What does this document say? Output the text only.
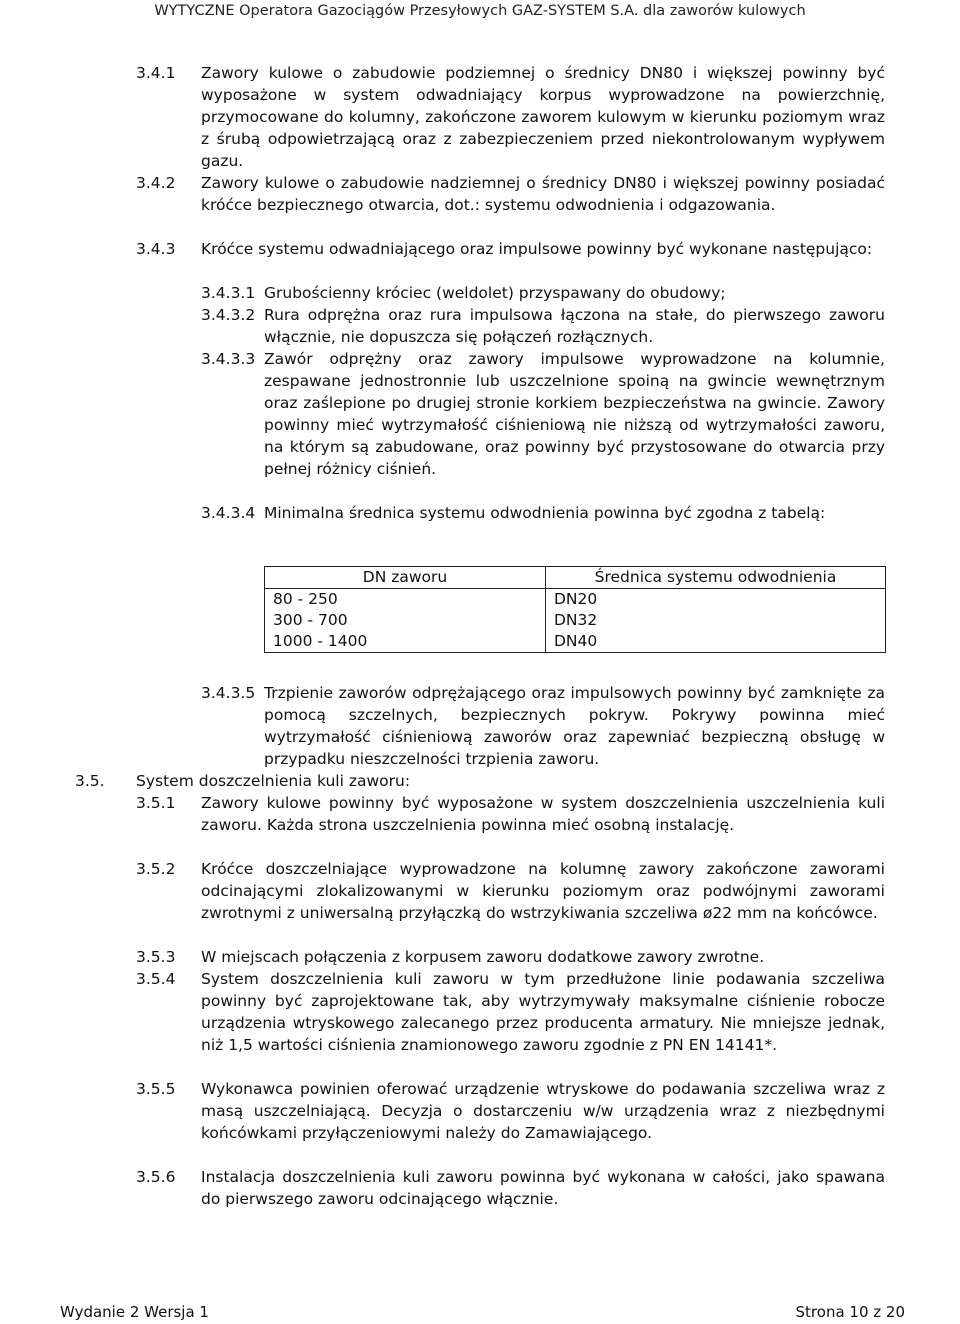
WYTYCZNE Operatora Gazociągów Przesyłowych GAZ-SYSTEM S.A. dla zaworów kulowych
3.4.1 Zawory kulowe o zabudowie podziemnej o średnicy DN80 i większej powinny być wyposażone w system odwadniający korpus wyprowadzone na powierzchnię, przymocowane do kolumny, zakończone zaworem kulowym w kierunku poziomym wraz z śrubą odpowietrzającą oraz z zabezpieczeniem przed niekontrolowanym wypływem gazu.
3.4.2 Zawory kulowe o zabudowie nadziemnej o średnicy DN80 i większej powinny posiadać króćce bezpiecznego otwarcia, dot.: systemu odwodnienia i odgazowania.
3.4.3 Króćce systemu odwadniającego oraz impulsowe powinny być wykonane następująco:
3.4.3.1 Grubościenny króciec (weldolet) przyspawany do obudowy;
3.4.3.2 Rura odprężna oraz rura impulsowa łączona na stałe, do pierwszego zaworu włącznie, nie dopuszcza się połączeń rozłącznych.
3.4.3.3 Zawór odprężny oraz zawory impulsowe wyprowadzone na kolumnie, zespawane jednostronnie lub uszczelnione spoiną na gwincie wewnętrznym oraz zaślepione po drugiej stronie korkiem bezpieczeństwa na gwincie. Zawory powinny mieć wytrzymałość ciśnieniową nie niższą od wytrzymałości zaworu, na którym są zabudowane, oraz powinny być przystosowane do otwarcia przy pełnej różnicy ciśnień.
3.4.3.4 Minimalna średnica systemu odwodnienia powinna być zgodna z tabelą:
DN zaworu	Średnica systemu odwodnienia
80 - 250	DN20
300 - 700	DN32
1000 - 1400	DN40
3.4.3.5 Trzpienie zaworów odprężającego oraz impulsowych powinny być zamknięte za pomocą szczelnych, bezpiecznych pokryw. Pokrywy powinna mieć wytrzymałość ciśnieniową zaworów oraz zapewniać bezpieczną obsługę w przypadku nieszczelności trzpienia zaworu.
3.5. System doszczelnienia kuli zaworu:
3.5.1 Zawory kulowe powinny być wyposażone w system doszczelnienia uszczelnienia kuli zaworu. Każda strona uszczelnienia powinna mieć osobną instalację.
3.5.2 Króćce doszczelniające wyprowadzone na kolumnę zawory zakończone zaworami odcinającymi zlokalizowanymi w kierunku poziomym oraz podwójnymi zaworami zwrotnymi z uniwersalną przyłączką do wstrzykiwania szczeliwa ø22 mm na końcówce.
3.5.3 W miejscach połączenia z korpusem zaworu dodatkowe zawory zwrotne.
3.5.4 System doszczelnienia kuli zaworu w tym przedłużone linie podawania szczeliwa powinny być zaprojektowane tak, aby wytrzymywały maksymalne ciśnienie robocze urządzenia wtryskowego zalecanego przez producenta armatury. Nie mniejsze jednak, niż 1,5 wartości ciśnienia znamionowego zaworu zgodnie z PN EN 14141*.
3.5.5 Wykonawca powinien oferować urządzenie wtryskowe do podawania szczeliwa wraz z masą uszczelniającą. Decyzja o dostarczeniu w/w urządzenia wraz z niezbędnymi końcówkami przyłączeniowymi należy do Zamawiającego.
3.5.6 Instalacja doszczelnienia kuli zaworu powinna być wykonana w całości, jako spawana do pierwszego zaworu odcinającego włącznie.
Wydanie 2 Wersja 1	Strona 10 z 20
